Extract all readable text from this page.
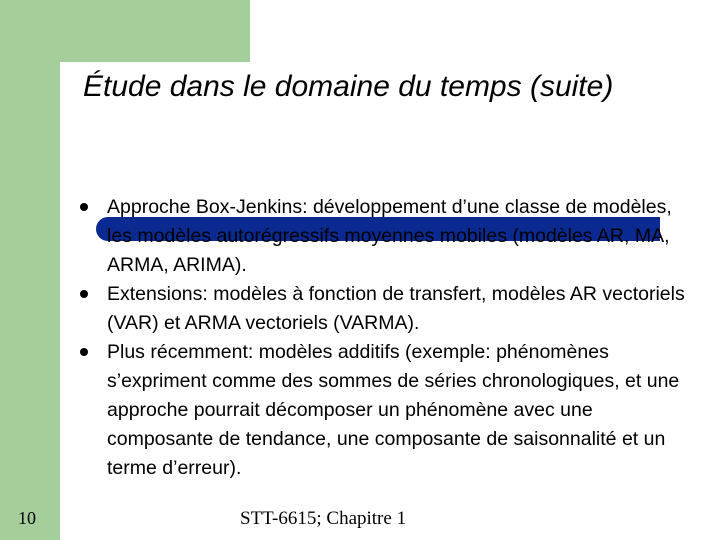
Étude dans le domaine du temps (suite)
Approche Box-Jenkins: développement d’une classe de modèles, les modèles autorégressifs moyennes mobiles (modèles AR, MA, ARMA, ARIMA).
Extensions: modèles à fonction de transfert, modèles AR vectoriels (VAR) et ARMA vectoriels (VARMA).
Plus récemment: modèles additifs (exemple: phénomènes s’expriment comme des sommes de séries chronologiques, et une approche pourrait décomposer un phénomène avec une composante de tendance, une composante de saisonnalité et un terme d’erreur).
10	STT-6615; Chapitre 1
